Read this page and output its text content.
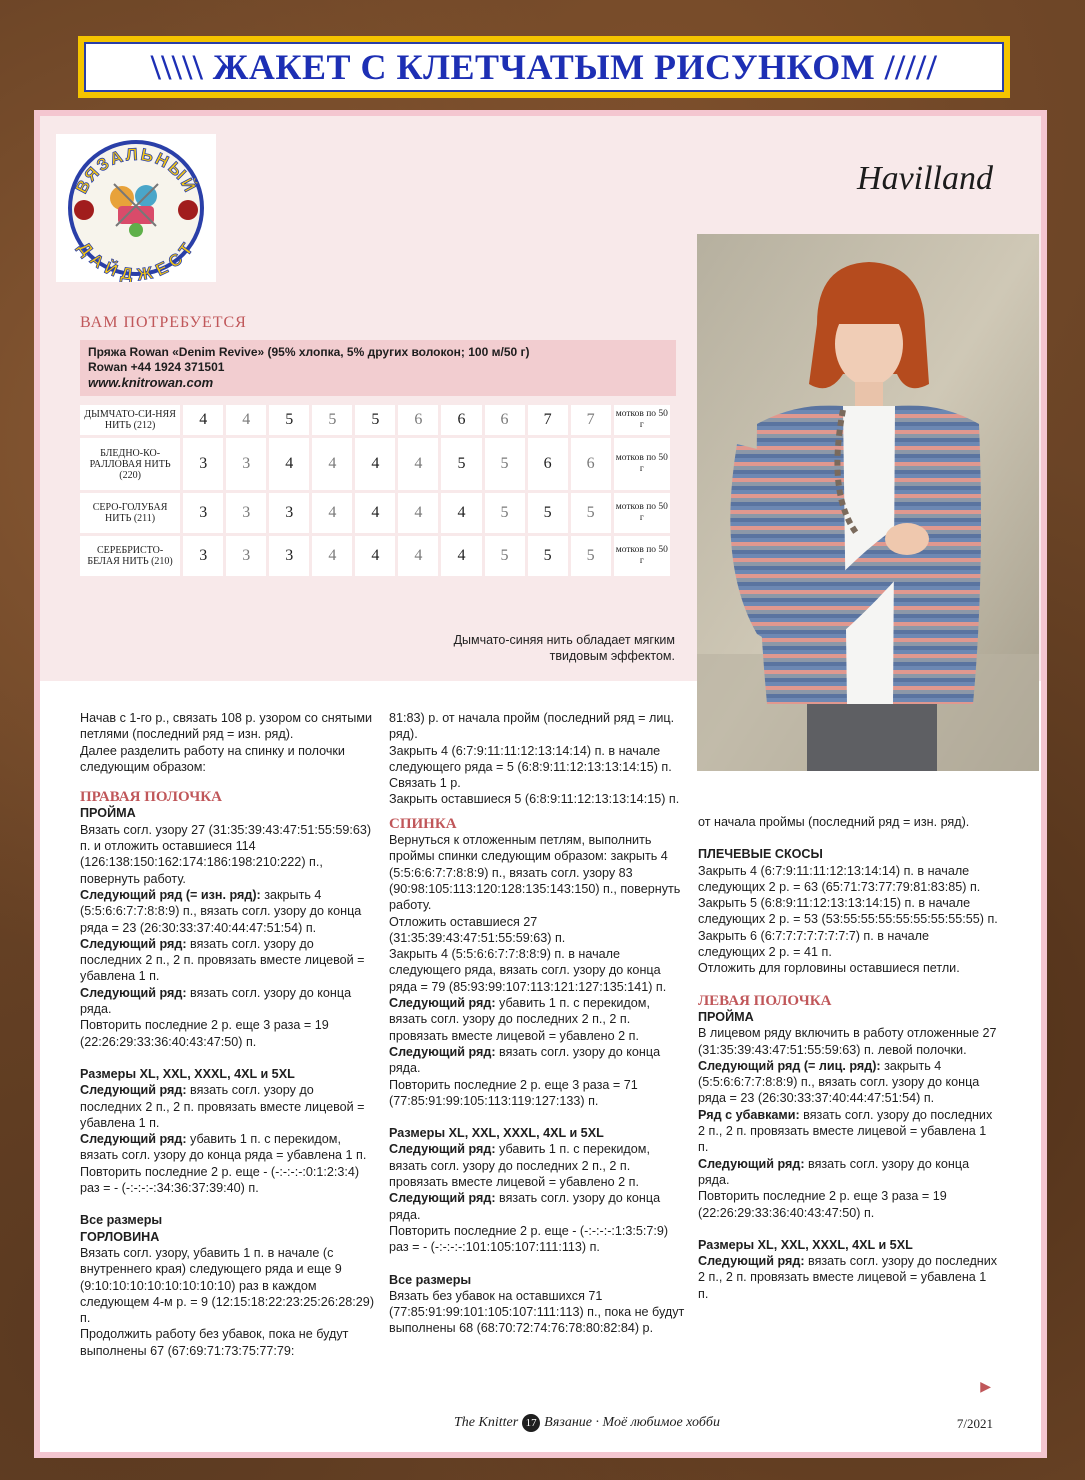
\\\\\ ЖАКЕТ С КЛЕТЧАТЫМ РИСУНКОМ /////
ВЯЗАЛЬНЫЙ
ДАЙДЖЕСТ
Havilland
ВАМ ПОТРЕБУЕТСЯ
Пряжа Rowan «Denim Revive» (95% хлопка, 5% других волокон; 100 м/50 г)
Rowan +44 1924 371501
www.knitrowan.com
ДЫМЧАТО-СИ-НЯЯ НИТЬ (212)	4	4	5	5	5	6	6	6	7	7	мотков по 50 г
БЛЕДНО-КО-РАЛЛОВАЯ НИТЬ (220)	3	3	4	4	4	4	5	5	6	6	мотков по 50 г
СЕРО-ГОЛУБАЯ НИТЬ (211)	3	3	3	4	4	4	4	5	5	5	мотков по 50 г
СЕРЕБРИСТО-БЕЛАЯ НИТЬ (210)	3	3	3	4	4	4	4	5	5	5	мотков по 50 г
Дымчато-синяя нить обладает мягким твидовым эффектом.

Начав с 1-го р., связать 108 р. узором со снятыми петлями (последний ряд = изн. ряд).
Далее разделить работу на спинку и полочки следующим образом:

ПРАВАЯ ПОЛОЧКА

ПРОЙМА

Вязать согл. узору 27 (31:35:39:43:47:51:55:59:63) п. и отложить оставшиеся 114 (126:138:150:162:174:186:198:210:222) п., повернуть работу.

Следующий ряд (= изн. ряд): закрыть 4 (5:5:6:6:7:7:8:8:9) п., вязать согл. узору до конца ряда = 23 (26:30:33:37:40:44:47:51:54) п.

Следующий ряд: вязать согл. узору до последних 2 п., 2 п. провязать вместе лицевой = убавлена 1 п.

Следующий ряд: вязать согл. узору до конца ряда.

Повторить последние 2 р. еще 3 раза = 19 (22:26:29:33:36:40:43:47:50) п.

Размеры XL, XXL, XXXL, 4XL и 5XL

Следующий ряд: вязать согл. узору до последних 2 п., 2 п. провязать вместе лицевой = убавлена 1 п.

Следующий ряд: убавить 1 п. с перекидом, вязать согл. узору до конца ряда = убавлена 1 п.

Повторить последние 2 р. еще - (-:-:-:-:0:1:2:3:4) раз = - (-:-:-:-:34:36:37:39:40) п.

Все размеры

ГОРЛОВИНА

Вязать согл. узору, убавить 1 п. в начале (с внутреннего края) следующего ряда и еще 9 (9:10:10:10:10:10:10:10:10) раз в каждом следующем 4-м р. = 9 (12:15:18:22:23:25:26:28:29) п.

Продолжить работу без убавок, пока не будут выполнены 67 (67:69:71:73:75:77:79:

81:83) р. от начала пройм (последний ряд = лиц. ряд).

Закрыть 4 (6:7:9:11:11:12:13:14:14) п. в начале следующего ряда = 5 (6:8:9:11:12:13:13:14:15) п.

Связать 1 р.

Закрыть оставшиеся 5 (6:8:9:11:12:13:13:14:15) п.

СПИНКА

Вернуться к отложенным петлям, выполнить проймы спинки следующим образом: закрыть 4 (5:5:6:6:7:7:8:8:9) п., вязать согл. узору 83 (90:98:105:113:120:128:135:143:150) п., повернуть работу.

Отложить оставшиеся 27 (31:35:39:43:47:51:55:59:63) п.

Закрыть 4 (5:5:6:6:7:7:8:8:9) п. в начале следующего ряда, вязать согл. узору до конца ряда = 79 (85:93:99:107:113:121:127:135:141) п.

Следующий ряд: убавить 1 п. с перекидом, вязать согл. узору до последних 2 п., 2 п. провязать вместе лицевой = убавлено 2 п.

Следующий ряд: вязать согл. узору до конца ряда.

Повторить последние 2 р. еще 3 раза = 71 (77:85:91:99:105:113:119:127:133) п.

Размеры XL, XXL, XXXL, 4XL и 5XL

Следующий ряд: убавить 1 п. с перекидом, вязать согл. узору до последних 2 п., 2 п. провязать вместе лицевой = убавлено 2 п.

Следующий ряд: вязать согл. узору до конца ряда.

Повторить последние 2 р. еще - (-:-:-:-:1:3:5:7:9) раз = - (-:-:-:-:101:105:107:111:113) п.

Все размеры

Вязать без убавок на оставшихся 71 (77:85:91:99:101:105:107:111:113) п., пока не будут выполнены 68 (68:70:72:74:76:78:80:82:84) р.

от начала проймы (последний ряд = изн. ряд).

ПЛЕЧЕВЫЕ СКОСЫ

Закрыть 4 (6:7:9:11:11:12:13:14:14) п. в начале следующих 2 р. = 63 (65:71:73:77:79:81:83:85) п.

Закрыть 5 (6:8:9:11:12:13:13:14:15) п. в начале следующих 2 р. = 53 (53:55:55:55:55:55:55:55:55) п.

Закрыть 6 (6:7:7:7:7:7:7:7:7) п. в начале следующих 2 р. = 41 п.

Отложить для горловины оставшиеся петли.

ЛЕВАЯ ПОЛОЧКА

ПРОЙМА

В лицевом ряду включить в работу отложенные 27 (31:35:39:43:47:51:55:59:63) п. левой полочки.

Следующий ряд (= лиц. ряд): закрыть 4 (5:5:6:6:7:7:8:8:9) п., вязать согл. узору до конца ряда = 23 (26:30:33:37:40:44:47:51:54) п.

Ряд с убавками: вязать согл. узору до последних 2 п., 2 п. провязать вместе лицевой = убавлена 1 п.

Следующий ряд: вязать согл. узору до конца ряда.

Повторить последние 2 р. еще 3 раза = 19 (22:26:29:33:36:40:43:47:50) п.

Размеры XL, XXL, XXXL, 4XL и 5XL

Следующий ряд: вязать согл. узору до последних 2 п., 2 п. провязать вместе лицевой = убавлена 1 п.

▶
The Knitter 17 Вязание · Моё любимое хобби	7/2021
